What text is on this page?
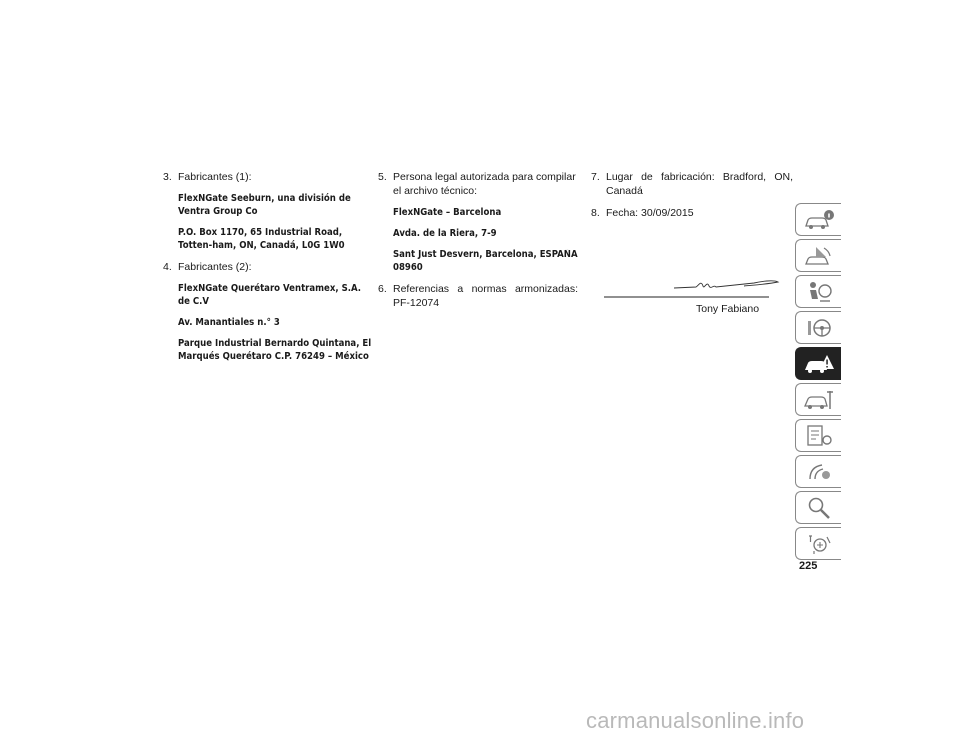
3. Fabricantes (1):
FlexNGate Seeburn, una división de Ventra Group Co
P.O. Box 1170, 65 Industrial Road, Totten-ham, ON, Canadá, L0G 1W0
4. Fabricantes (2):
FlexNGate Querétaro Ventramex, S.A. de C.V
Av. Manantiales n.° 3
Parque Industrial Bernardo Quintana, El Marqués Querétaro C.P. 76249 – México
5. Persona legal autorizada para compilar el archivo técnico:
FlexNGate – Barcelona
Avda. de la Riera, 7-9
Sant Just Desvern, Barcelona, ESPAÑA 08960
6. Referencias a normas armonizadas: PF-12074
7. Lugar de fabricación: Bradford, ON, Canadá
8. Fecha: 30/09/2015
Tony Fabiano
225
carmanualsonline.info
